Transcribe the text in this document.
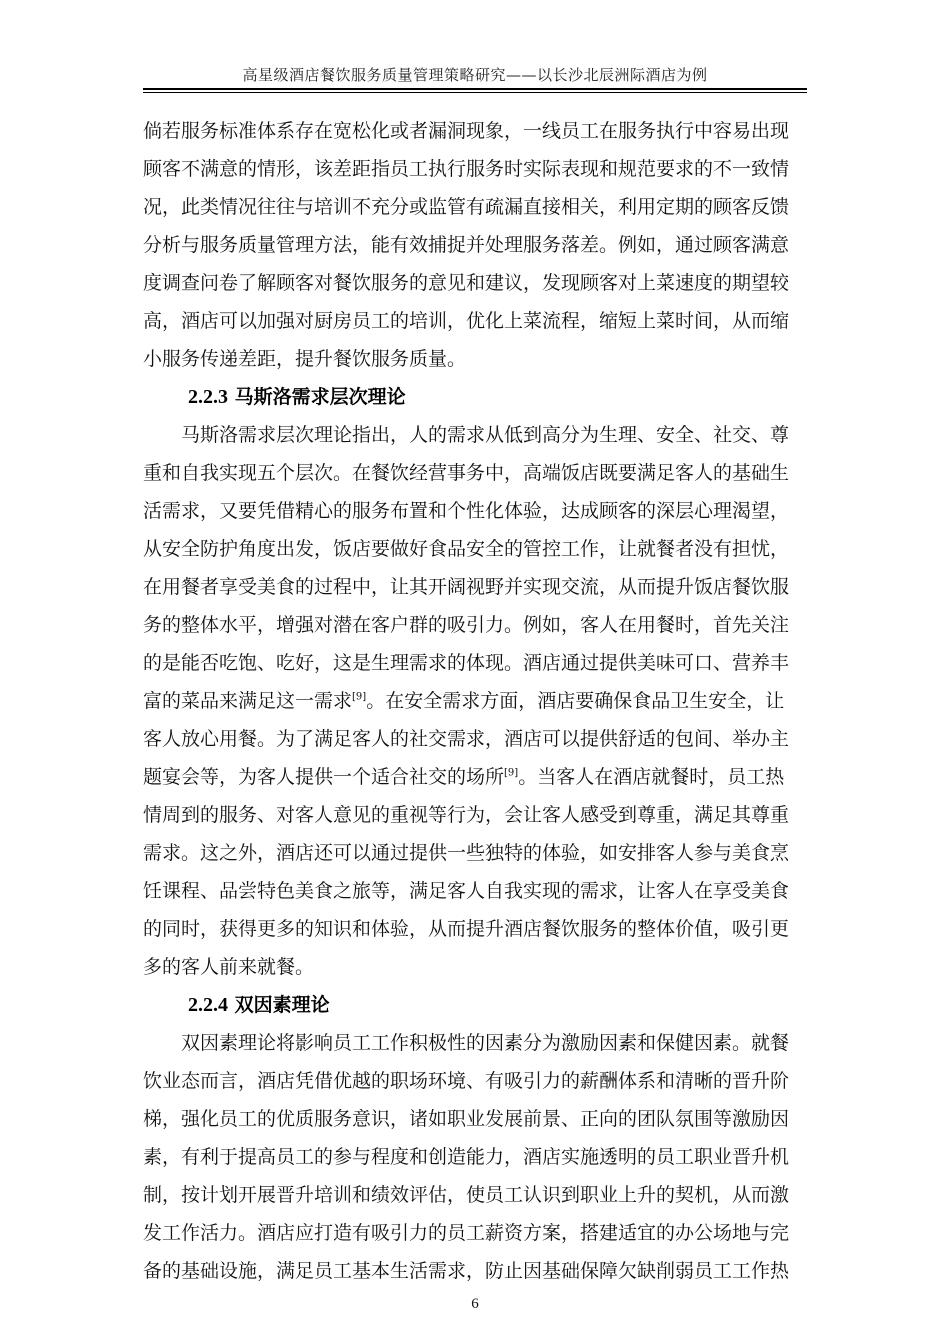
高星级酒店餐饮服务质量管理策略研究——以长沙北辰洲际酒店为例
倘若服务标准体系存在宽松化或者漏洞现象，一线员工在服务执行中容易出现
顾客不满意的情形，该差距指员工执行服务时实际表现和规范要求的不一致情
况，此类情况往往与培训不充分或监管有疏漏直接相关，利用定期的顾客反馈
分析与服务质量管理方法，能有效捕捉并处理服务落差。例如，通过顾客满意
度调查问卷了解顾客对餐饮服务的意见和建议，发现顾客对上菜速度的期望较
高，酒店可以加强对厨房员工的培训，优化上菜流程，缩短上菜时间，从而缩
小服务传递差距，提升餐饮服务质量。
2.2.3 马斯洛需求层次理论
马斯洛需求层次理论指出，人的需求从低到高分为生理、安全、社交、尊
重和自我实现五个层次。在餐饮经营事务中，高端饭店既要满足客人的基础生
活需求，又要凭借精心的服务布置和个性化体验，达成顾客的深层心理渴望，
从安全防护角度出发，饭店要做好食品安全的管控工作，让就餐者没有担忧，
在用餐者享受美食的过程中，让其开阔视野并实现交流，从而提升饭店餐饮服
务的整体水平，增强对潜在客户群的吸引力。例如，客人在用餐时，首先关注
的是能否吃饱、吃好，这是生理需求的体现。酒店通过提供美味可口、营养丰
富的菜品来满足这一需求[9]。在安全需求方面，酒店要确保食品卫生安全，让
客人放心用餐。为了满足客人的社交需求，酒店可以提供舒适的包间、举办主
题宴会等，为客人提供一个适合社交的场所[9]。当客人在酒店就餐时，员工热
情周到的服务、对客人意见的重视等行为，会让客人感受到尊重，满足其尊重
需求。这之外，酒店还可以通过提供一些独特的体验，如安排客人参与美食烹
饪课程、品尝特色美食之旅等，满足客人自我实现的需求，让客人在享受美食
的同时，获得更多的知识和体验，从而提升酒店餐饮服务的整体价值，吸引更
多的客人前来就餐。
2.2.4 双因素理论
双因素理论将影响员工工作积极性的因素分为激励因素和保健因素。就餐
饮业态而言，酒店凭借优越的职场环境、有吸引力的薪酬体系和清晰的晋升阶
梯，强化员工的优质服务意识，诸如职业发展前景、正向的团队氛围等激励因
素，有利于提高员工的参与程度和创造能力，酒店实施透明的员工职业晋升机
制，按计划开展晋升培训和绩效评估，使员工认识到职业上升的契机，从而激
发工作活力。酒店应打造有吸引力的员工薪资方案，搭建适宜的办公场地与完
备的基础设施，满足员工基本生活需求，防止因基础保障欠缺削弱员工工作热
6
